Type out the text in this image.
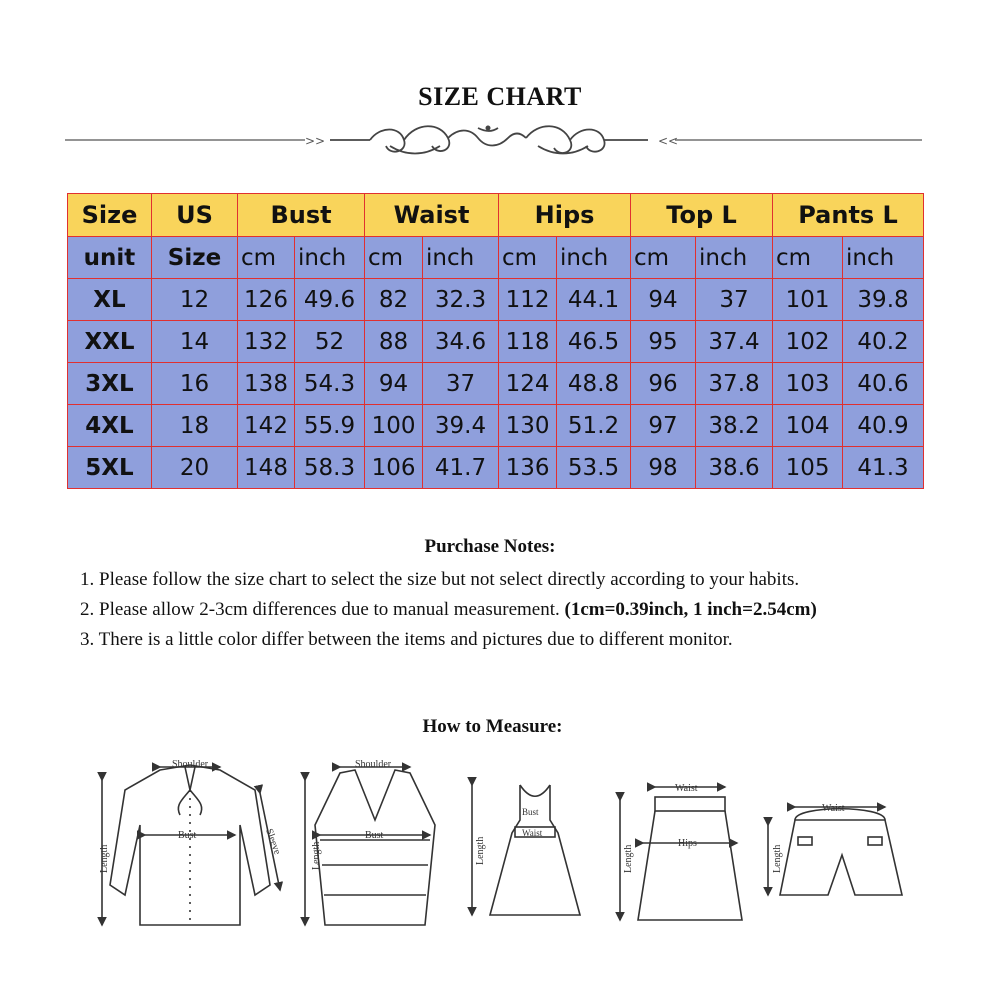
SIZE CHART
>>	<<
Size	US	Bust		Waist		Hips		Top L		Pants L	
unit	Size	cm	inch	cm	inch	cm	inch	cm	inch	cm	inch
XL	12	126	49.6	82	32.3	112	44.1	94	37	101	39.8
XXL	14	132	52	88	34.6	118	46.5	95	37.4	102	40.2
3XL	16	138	54.3	94	37	124	48.8	96	37.8	103	40.6
4XL	18	142	55.9	100	39.4	130	51.2	97	38.2	104	40.9
5XL	20	148	58.3	106	41.7	136	53.5	98	38.6	105	41.3
Purchase Notes:

1. Please follow the size chart to select the size but not select directly according to your habits.

2. Please allow 2-3cm differences due to manual measurement. (1cm=0.39inch, 1 inch=2.54cm)

3. There is a little color differ between the items and pictures due to different monitor.

How to Measure:
Shoulder
Bust
Length
Sleeve
Shoulder
Bust
Length
Bust
Waist
Length
Waist
Hips
Length
Waist
Length
